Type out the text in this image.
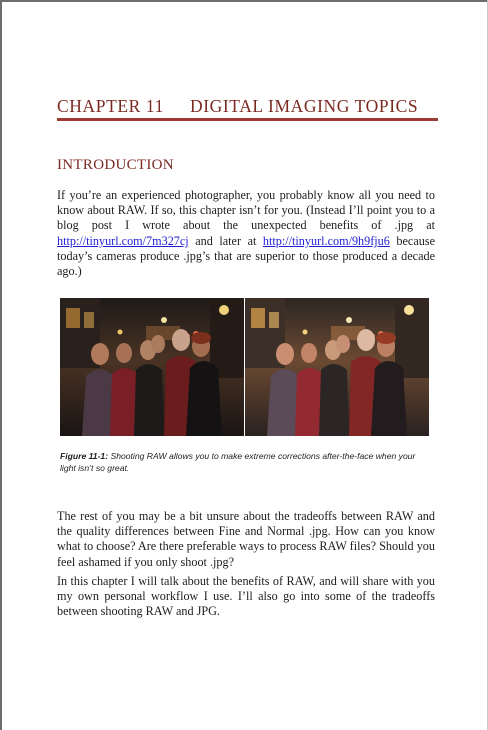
CHAPTER 11 DIGITAL IMAGING TOPICS
INTRODUCTION
If you’re an experienced photographer, you probably know all you need to know about RAW. If so, this chapter isn’t for you. (Instead I’ll point you to a blog post I wrote about the unexpected benefits of .jpg at http://tinyurl.com/7m327cj and later at http://tinyurl.com/9h9fju6 because today’s cameras produce .jpg’s that are superior to those produced a decade ago.)
Figure 11-1: Shooting RAW allows you to make extreme corrections after-the-face when your light isn’t so great.
The rest of you may be a bit unsure about the tradeoffs between RAW and the quality differences between Fine and Normal .jpg. How can you know what to choose? Are there preferable ways to process RAW files? Should you feel ashamed if you only shoot .jpg?
In this chapter I will talk about the benefits of RAW, and will share with you my own personal workflow I use. I’ll also go into some of the tradeoffs between shooting RAW and JPG.
